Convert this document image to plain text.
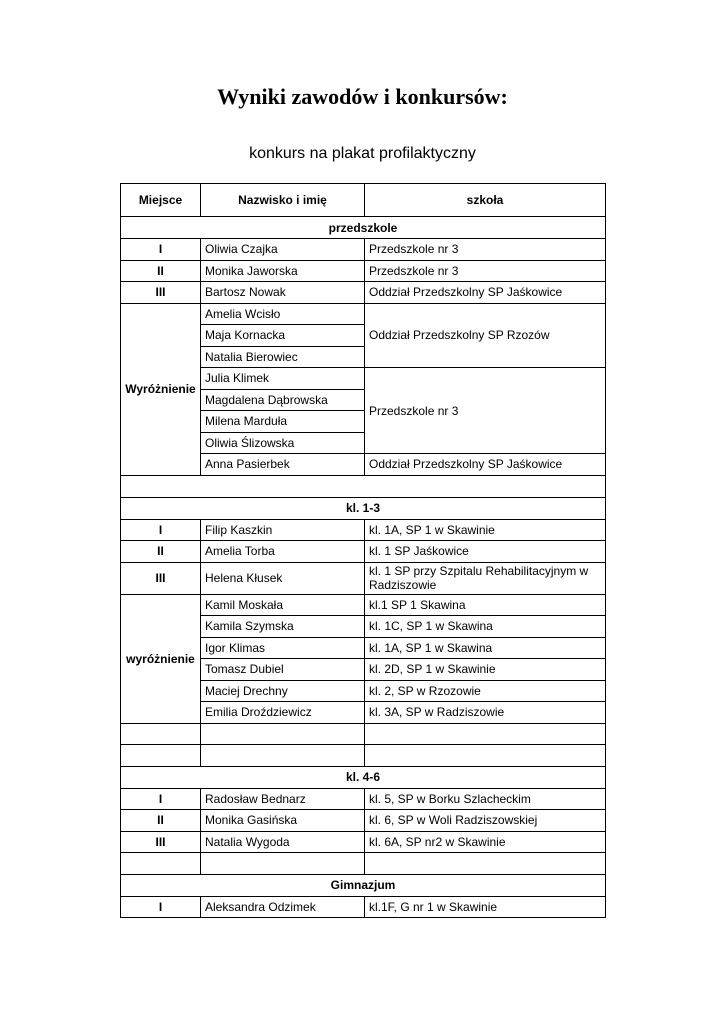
Wyniki zawodów i konkursów:

konkurs na plakat profilaktyczny

Miejsce	Nazwisko i imię	szkoła
przedszkole		
I	Oliwia Czajka	Przedszkole nr 3
II	Monika Jaworska	Przedszkole nr 3
III	Bartosz Nowak	Oddział Przedszkolny SP Jaśkowice
Wyróżnienie	Amelia Wcisło	Oddział Przedszkolny SP Rzozów
	Maja Kornacka	
	Natalia Bierowiec	
	Julia Klimek	Przedszkole nr 3
	Magdalena Dąbrowska	
	Milena Marduła	
	Oliwia Ślizowska	
	Anna Pasierbek	Oddział Przedszkolny SP Jaśkowice

kl. 1-3		
I	Filip Kaszkin	kl. 1A, SP 1 w Skawinie
II	Amelia Torba	kl. 1 SP Jaśkowice
III	Helena Kłusek	kl. 1 SP przy Szpitalu Rehabilitacyjnym w Radziszowie
wyróżnienie	Kamil Moskała	kl.1 SP 1 Skawina
	Kamila Szymska	kl. 1C, SP 1 w Skawina
	Igor Klimas	kl. 1A, SP 1 w Skawina
	Tomasz Dubiel	kl. 2D, SP 1 w Skawinie
	Maciej Drechny	kl. 2, SP w Rzozowie
	Emilia Droździewicz	kl. 3A, SP w Radziszowie

kl. 4-6		
I	Radosław Bednarz	kl. 5, SP w Borku Szlacheckim
II	Monika Gasińska	kl. 6, SP w Woli Radziszowskiej
III	Natalia Wygoda	kl. 6A, SP nr2 w Skawinie

Gimnazjum		
I	Aleksandra Odzimek	kl.1F, G nr 1 w Skawinie
